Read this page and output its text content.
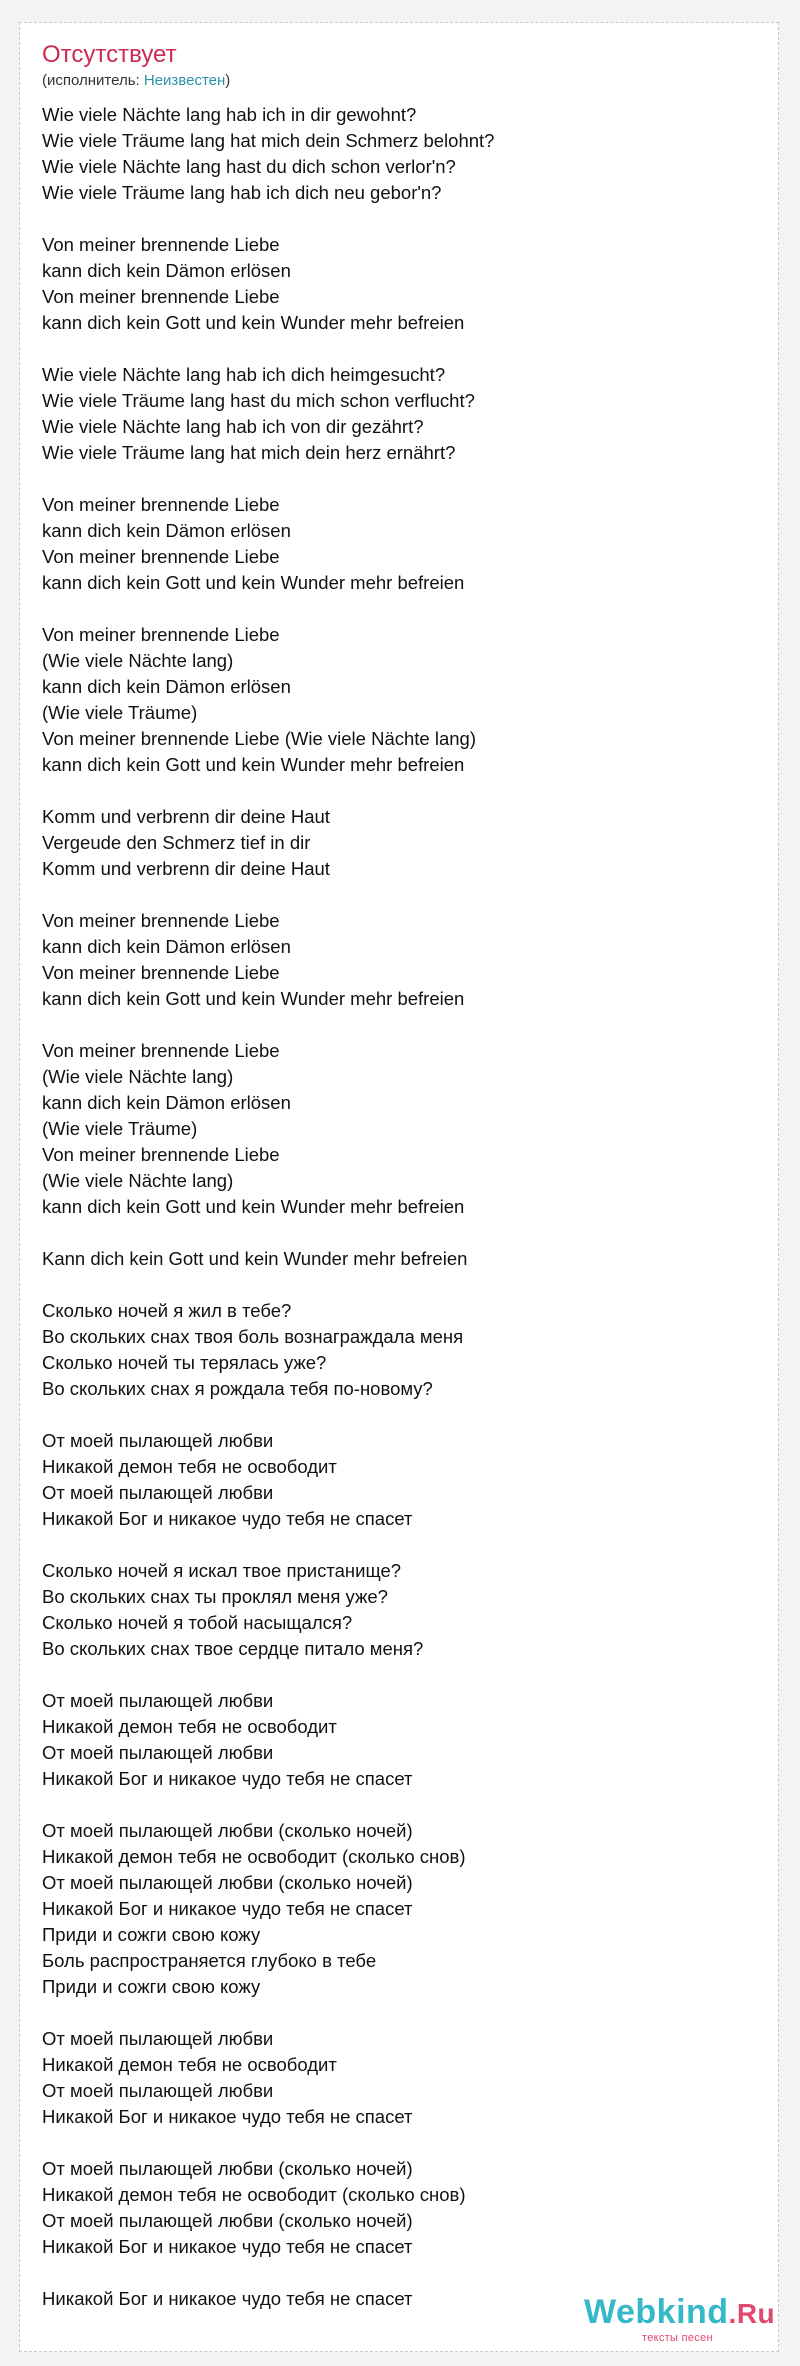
Отсутствует
(исполнитель: Неизвестен)
Wie viele Nächte lang hab ich in dir gewohnt?
Wie viele Träume lang hat mich dein Schmerz belohnt?
Wie viele Nächte lang hast du dich schon verlor'n?
Wie viele Träume lang hab ich dich neu gebor'n?
Von meiner brennende Liebe
kann dich kein Dämon erlösen
Von meiner brennende Liebe
kann dich kein Gott und kein Wunder mehr befreien
Wie viele Nächte lang hab ich dich heimgesucht?
Wie viele Träume lang hast du mich schon verflucht?
Wie viele Nächte lang hab ich von dir gezährt?
Wie viele Träume lang hat mich dein herz ernährt?
Von meiner brennende Liebe
kann dich kein Dämon erlösen
Von meiner brennende Liebe
kann dich kein Gott und kein Wunder mehr befreien
Von meiner brennende Liebe
(Wie viele Nächte lang)
kann dich kein Dämon erlösen
(Wie viele Träume)
Von meiner brennende Liebe (Wie viele Nächte lang)
kann dich kein Gott und kein Wunder mehr befreien
Komm und verbrenn dir deine Haut
Vergeude den Schmerz tief in dir
Komm und verbrenn dir deine Haut
Von meiner brennende Liebe
kann dich kein Dämon erlösen
Von meiner brennende Liebe
kann dich kein Gott und kein Wunder mehr befreien
Von meiner brennende Liebe
(Wie viele Nächte lang)
kann dich kein Dämon erlösen
(Wie viele Träume)
Von meiner brennende Liebe
(Wie viele Nächte lang)
kann dich kein Gott und kein Wunder mehr befreien
Kann dich kein Gott und kein Wunder mehr befreien
Сколько ночей я жил в тебе?
Во скольких снах твоя боль вознаграждала меня
Сколько ночей ты терялась уже?
Во скольких снах я рождала тебя по-новому?
От моей пылающей любви
Никакой демон тебя не освободит
От моей пылающей любви
Никакой Бог и никакое чудо тебя не спасет
Сколько ночей я искал твое пристанище?
Во скольких снах ты проклял меня уже?
Сколько ночей я тобой насыщался?
Во скольких снах твое сердце питало меня?
От моей пылающей любви
Никакой демон тебя не освободит
От моей пылающей любви
Никакой Бог и никакое чудо тебя не спасет
От моей пылающей любви (сколько ночей)
Никакой демон тебя не освободит (сколько снов)
От моей пылающей любви (сколько ночей)
Никакой Бог и никакое чудо тебя не спасет
Приди и сожги свою кожу
Боль распространяется глубоко в тебе
Приди и сожги свою кожу
От моей пылающей любви
Никакой демон тебя не освободит
От моей пылающей любви
Никакой Бог и никакое чудо тебя не спасет
От моей пылающей любви (сколько ночей)
Никакой демон тебя не освободит (сколько снов)
От моей пылающей любви (сколько ночей)
Никакой Бог и никакое чудо тебя не спасет
Никакой Бог и никакое чудо тебя не спасет	Webkind.Ru
тексты песен
